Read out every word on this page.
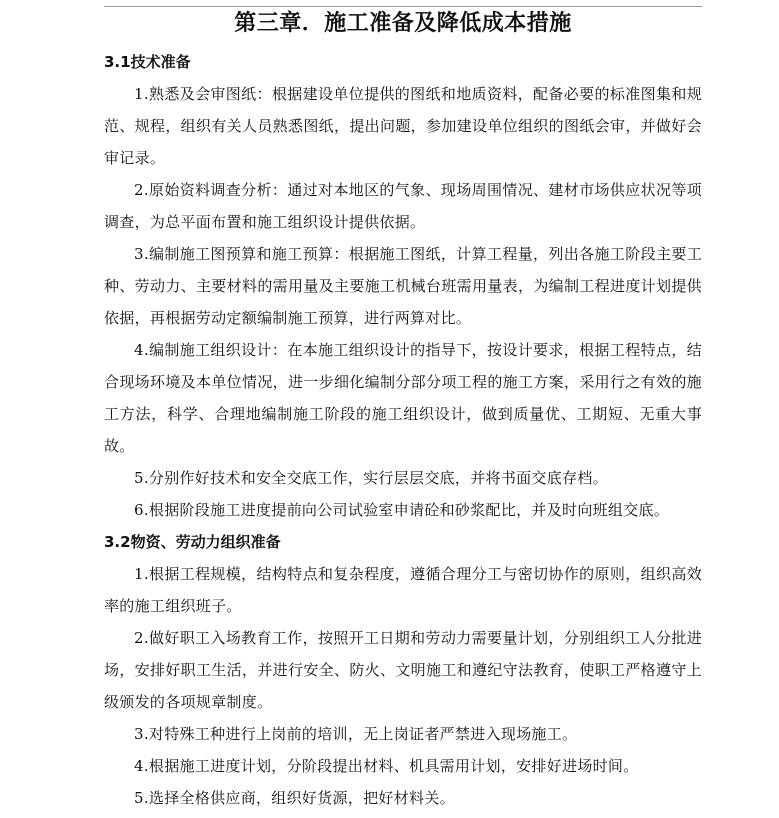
第三章．施工准备及降低成本措施
3.1技术准备

1.熟悉及会审图纸：根据建设单位提供的图纸和地质资料，配备必要的标准图集和规范、规程，组织有关人员熟悉图纸，提出问题，参加建设单位组织的图纸会审，并做好会审记录。

2.原始资料调查分析：通过对本地区的气象、现场周围情况、建材市场供应状况等项调查，为总平面布置和施工组织设计提供依据。

3.编制施工图预算和施工预算：根据施工图纸，计算工程量，列出各施工阶段主要工种、劳动力、主要材料的需用量及主要施工机械台班需用量表，为编制工程进度计划提供依据，再根据劳动定额编制施工预算，进行两算对比。

4.编制施工组织设计：在本施工组织设计的指导下，按设计要求，根据工程特点，结合现场环境及本单位情况，进一步细化编制分部分项工程的施工方案，采用行之有效的施工方法，科学、合理地编制施工阶段的施工组织设计，做到质量优、工期短、无重大事故。

5.分别作好技术和安全交底工作，实行层层交底，并将书面交底存档。

6.根据阶段施工进度提前向公司试验室申请砼和砂浆配比，并及时向班组交底。

3.2物资、劳动力组织准备

1.根据工程规模，结构特点和复杂程度，遵循合理分工与密切协作的原则，组织高效率的施工组织班子。

2.做好职工入场教育工作，按照开工日期和劳动力需要量计划，分别组织工人分批进场，安排好职工生活，并进行安全、防火、文明施工和遵纪守法教育，使职工严格遵守上级颁发的各项规章制度。

3.对特殊工种进行上岗前的培训，无上岗证者严禁进入现场施工。

4.根据施工进度计划，分阶段提出材料、机具需用计划，安排好进场时间。

5.选择全格供应商，组织好货源，把好材料关。
